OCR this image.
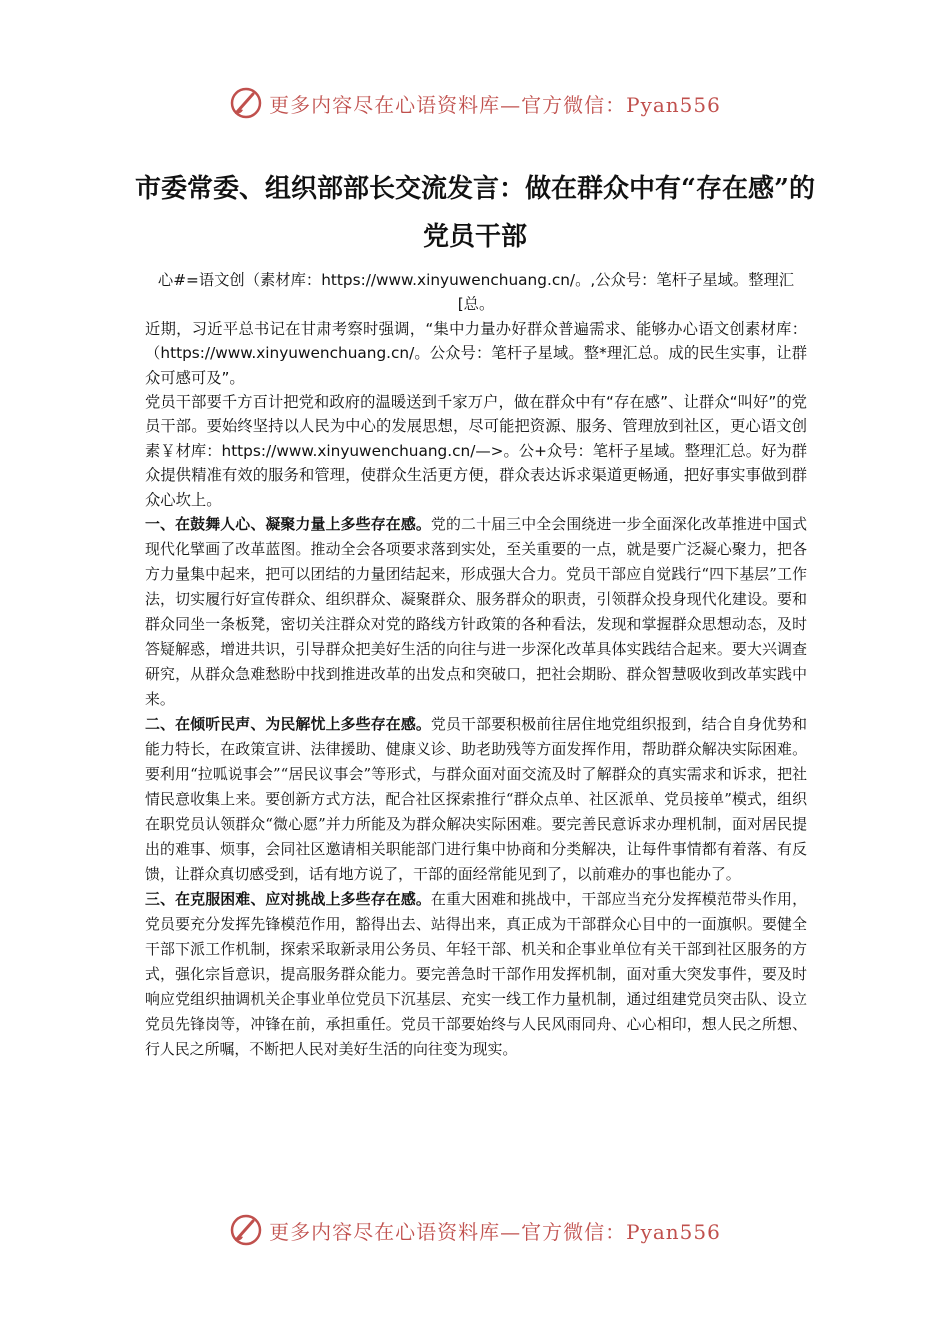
更多内容尽在心语资料库—官方微信：Pyan556
市委常委、组织部部长交流发言：做在群众中有“存在感”的党员干部

心#=语文创（素材库：https://www.xinyuwenchuang.cn/。,公众号：笔杆子星域。整理汇[总。

近期，习近平总书记在甘肃考察时强调，“集中力量办好群众普遍需求、能够办心语文创素材库：（https://www.xinyuwenchuang.cn/。公众号：笔杆子星域。整*理汇总。成的民生实事，让群众可感可及”。

党员干部要千方百计把党和政府的温暖送到千家万户，做在群众中有“存在感”、让群众“叫好”的党员干部。要始终坚持以人民为中心的发展思想，尽可能把资源、服务、管理放到社区，更心语文创素￥材库：https://www.xinyuwenchuang.cn/—>。公+众号：笔杆子星域。整理汇总。好为群众提供精准有效的服务和管理，使群众生活更方便，群众表达诉求渠道更畅通，把好事实事做到群众心坎上。

一、在鼓舞人心、凝聚力量上多些存在感。党的二十届三中全会围绕进一步全面深化改革推进中国式现代化擘画了改革蓝图。推动全会各项要求落到实处，至关重要的一点，就是要广泛凝心聚力，把各方力量集中起来，把可以团结的力量团结起来，形成强大合力。党员干部应自觉践行“四下基层”工作法，切实履行好宣传群众、组织群众、凝聚群众、服务群众的职责，引领群众投身现代化建设。要和群众同坐一条板凳，密切关注群众对党的路线方针政策的各种看法，发现和掌握群众思想动态，及时答疑解惑，增进共识，引导群众把美好生活的向往与进一步深化改革具体实践结合起来。要大兴调查研究，从群众急难愁盼中找到推进改革的出发点和突破口，把社会期盼、群众智慧吸收到改革实践中来。

二、在倾听民声、为民解忧上多些存在感。党员干部要积极前往居住地党组织报到，结合自身优势和能力特长，在政策宣讲、法律援助、健康义诊、助老助残等方面发挥作用，帮助群众解决实际困难。要利用“拉呱说事会”“居民议事会”等形式，与群众面对面交流及时了解群众的真实需求和诉求，把社情民意收集上来。要创新方式方法，配合社区探索推行“群众点单、社区派单、党员接单”模式，组织在职党员认领群众“微心愿”并力所能及为群众解决实际困难。要完善民意诉求办理机制，面对居民提出的难事、烦事，会同社区邀请相关职能部门进行集中协商和分类解决，让每件事情都有着落、有反馈，让群众真切感受到，话有地方说了，干部的面经常能见到了，以前难办的事也能办了。

三、在克服困难、应对挑战上多些存在感。在重大困难和挑战中，干部应当充分发挥模范带头作用，党员要充分发挥先锋模范作用，豁得出去、站得出来，真正成为干部群众心目中的一面旗帜。要健全干部下派工作机制，探索采取新录用公务员、年轻干部、机关和企事业单位有关干部到社区服务的方式，强化宗旨意识，提高服务群众能力。要完善急时干部作用发挥机制，面对重大突发事件，要及时响应党组织抽调机关企事业单位党员下沉基层、充实一线工作力量机制，通过组建党员突击队、设立党员先锋岗等，冲锋在前，承担重任。党员干部要始终与人民风雨同舟、心心相印，想人民之所想、行人民之所嘱，不断把人民对美好生活的向往变为现实。

更多内容尽在心语资料库—官方微信：Pyan556
